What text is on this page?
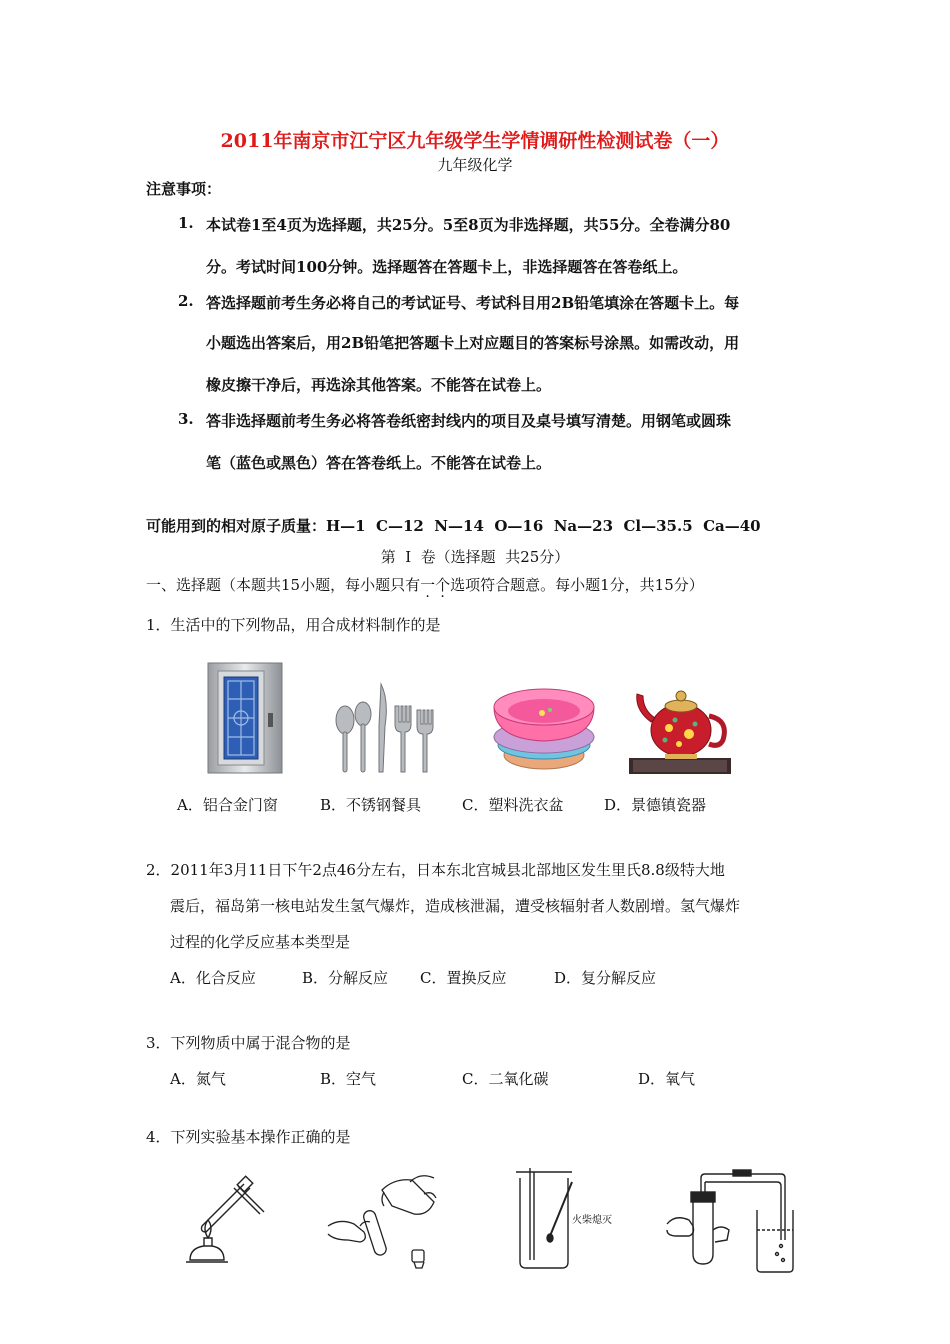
2011年南京市江宁区九年级学生学情调研性检测试卷（一）
九年级化学
注意事项：
1. 本试卷1至4页为选择题，共25分。5至8页为非选择题，共55分。全卷满分80
分。考试时间100分钟。选择题答在答题卡上，非选择题答在答卷纸上。
2. 答选择题前考生务必将自己的考试证号、考试科目用2B铅笔填涂在答题卡上。每
小题选出答案后，用2B铅笔把答题卡上对应题目的答案标号涂黑。如需改动，用
橡皮擦干净后，再选涂其他答案。不能答在试卷上。
3. 答非选择题前考生务必将答卷纸密封线内的项目及桌号填写清楚。用钢笔或圆珠
笔（蓝色或黑色）答在答卷纸上。不能答在试卷上。
可能用到的相对原子质量：H—1  C—12  N—14  O—16  Na—23  Cl—35.5  Ca—40
第  I  卷（选择题  共25分）
一、选择题（本题共15小题，每小题只有一个选项符合题意。每小题1分，共15分）
1．生活中的下列物品，用合成材料制作的是
A．铝合金门窗	B．不锈钢餐具	C．塑料洗衣盆	D．景德镇瓷器
2．2011年3月11日下午2点46分左右，日本东北宫城县北部地区发生里氏8.8级特大地
震后，福岛第一核电站发生氢气爆炸，造成核泄漏，遭受核辐射者人数剧增。氢气爆炸
过程的化学反应基本类型是
A．化合反应	B．分解反应 C．置换反应	D．复分解反应
3．下列物质中属于混合物的是
A．氮气	B．空气	C．二氧化碳	D．氧气
4．下列实验基本操作正确的是
火柴熄灭
